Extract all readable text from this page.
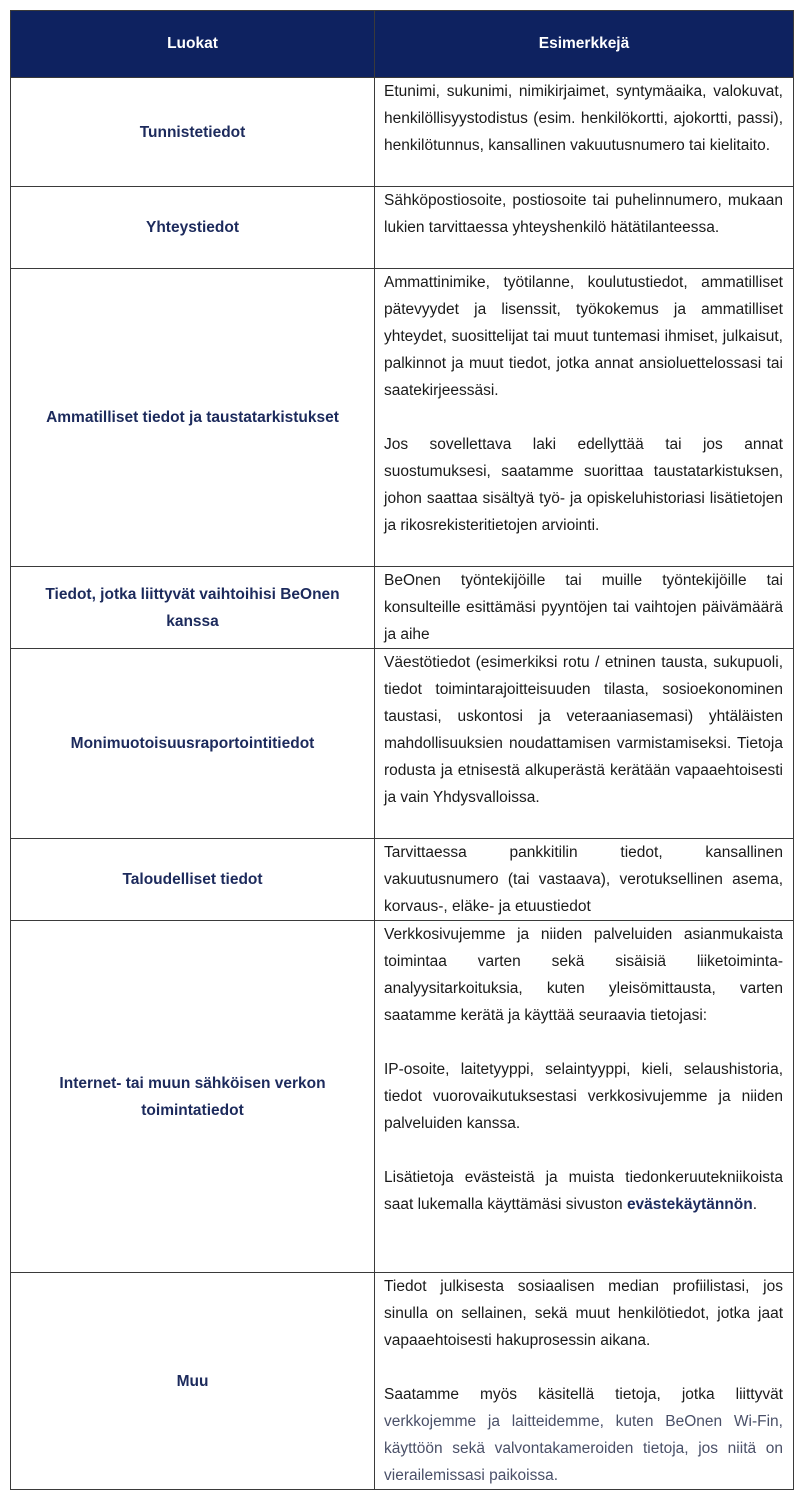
Luokat	Esimerkkejä
Tunnistetiedot	Etunimi, sukunimi, nimikirjaimet, syntymäaika, valokuvat, henkilöllisyystodistus (esim. henkilökortti, ajokortti, passi), henkilötunnus, kansallinen vakuutusnumero tai kielitaito.

Yhteystiedot	Sähköpostiosoite, postiosoite tai puhelinnumero, mukaan lukien tarvittaessa yhteyshenkilö hätätilanteessa.

Ammatilliset tiedot ja taustatarkistukset	Ammattinimike, työtilanne, koulutustiedot, ammatilliset pätevyydet ja lisenssit, työkokemus ja ammatilliset yhteydet, suosittelijat tai muut tuntemasi ihmiset, julkaisut, palkinnot ja muut tiedot, jotka annat ansioluettelossasi tai saatekirjeessäsi.

Jos sovellettava laki edellyttää tai jos annat suostumuksesi, saatamme suorittaa taustatarkistuksen, johon saattaa sisältyä työ- ja opiskeluhistoriasi lisätietojen ja rikosrekisteritietojen arviointi.

Tiedot, jotka liittyvät vaihtoihisi BeOnen kanssa	BeOnen työntekijöille tai muille työntekijöille tai konsulteille esittämäsi pyyntöjen tai vaihtojen päivämäärä ja aihe

Monimuotoisuusraportointitiedot	Väestötiedot (esimerkiksi rotu / etninen tausta, sukupuoli, tiedot toimintarajoitteisuuden tilasta, sosioekonominen taustasi, uskontosi ja veteraaniasemasi) yhtäläisten mahdollisuuksien noudattamisen varmistamiseksi. Tietoja rodusta ja etnisestä alkuperästä kerätään vapaaehtoisesti ja vain Yhdysvalloissa.

Taloudelliset tiedot	Tarvittaessa pankkitilin tiedot, kansallinen vakuutusnumero (tai vastaava), verotuksellinen asema, korvaus-, eläke- ja etuustiedot

Internet- tai muun sähköisen verkon toimintatiedot	Verkkosivujemme ja niiden palveluiden asianmukaista toimintaa varten sekä sisäisiä liiketoiminta-analyysitarkoituksia, kuten yleisömittausta, varten saatamme kerätä ja käyttää seuraavia tietojasi:

IP-osoite, laitetyyppi, selaintyyppi, kieli, selaushistoria, tiedot vuorovaikutuksestasi verkkosivujemme ja niiden palveluiden kanssa.

Lisätietoja evästeistä ja muista tiedonkeruutekniikoista saat lukemalla käyttämäsi sivuston evästekäytännön.

Muu	Tiedot julkisesta sosiaalisen median profiilistasi, jos sinulla on sellainen, sekä muut henkilötiedot, jotka jaat vapaaehtoisesti hakuprosessin aikana.

Saatamme myös käsitellä tietoja, jotka liittyvät verkkojemme ja laitteidemme, kuten BeOnen Wi-Fin, käyttöön sekä valvontakameroiden tietoja, jos niitä on vierailemissasi paikoissa.
